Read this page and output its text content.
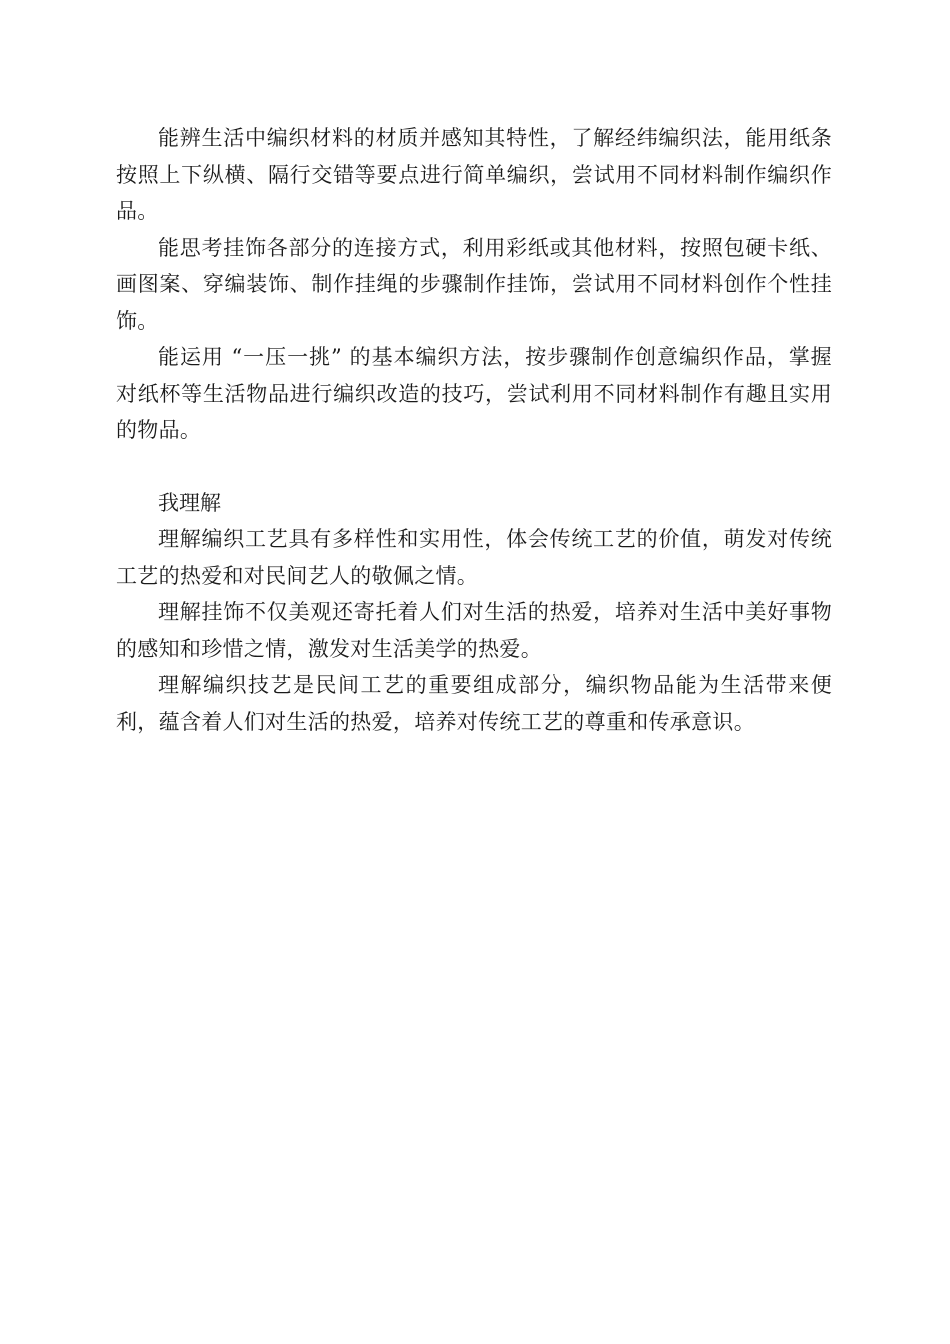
能辨生活中编织材料的材质并感知其特性，了解经纬编织法，能用纸条按照上下纵横、隔行交错等要点进行简单编织，尝试用不同材料制作编织作品。

能思考挂饰各部分的连接方式，利用彩纸或其他材料，按照包硬卡纸、画图案、穿编装饰、制作挂绳的步骤制作挂饰，尝试用不同材料创作个性挂饰。

能运用 “一压一挑” 的基本编织方法，按步骤制作创意编织作品，掌握对纸杯等生活物品进行编织改造的技巧，尝试利用不同材料制作有趣且实用的物品。

我理解

理解编织工艺具有多样性和实用性，体会传统工艺的价值，萌发对传统工艺的热爱和对民间艺人的敬佩之情。

理解挂饰不仅美观还寄托着人们对生活的热爱，培养对生活中美好事物的感知和珍惜之情，激发对生活美学的热爱。

理解编织技艺是民间工艺的重要组成部分，编织物品能为生活带来便利，蕴含着人们对生活的热爱，培养对传统工艺的尊重和传承意识。
